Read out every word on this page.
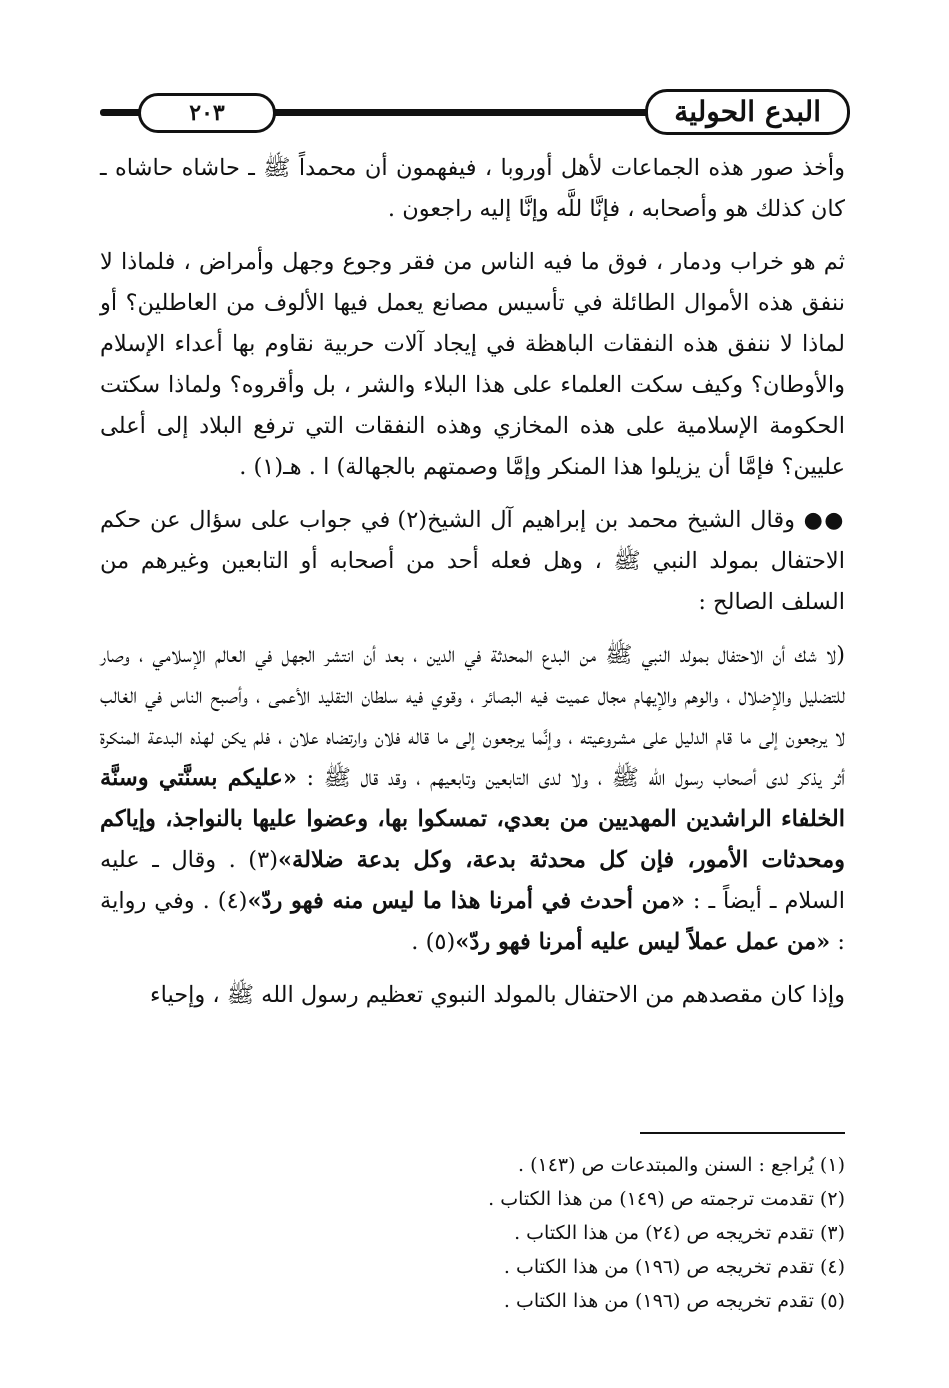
البدع الحولية
٢٠٣

وأخذ صور هذه الجماعات لأهل أوروبا ، فيفهمون أن محمداً ﷺ ـ حاشاه حاشاه ـ كان كذلك هو وأصحابه ، فإنَّا للَّه وإنَّا إليه راجعون .

ثم هو خراب ودمار ، فوق ما فيه الناس من فقر وجوع وجهل وأمراض ، فلماذا لا ننفق هذه الأموال الطائلة في تأسيس مصانع يعمل فيها الألوف من العاطلين؟ أو لماذا لا ننفق هذه النفقات الباهظة في إيجاد آلات حربية نقاوم بها أعداء الإسلام والأوطان؟ وكيف سكت العلماء على هذا البلاء والشر ، بل وأقروه؟ ولماذا سكتت الحكومة الإسلامية على هذه المخازي وهذه النفقات التي ترفع البلاد إلى أعلى عليين؟ فإمَّا أن يزيلوا هذا المنكر وإمَّا وصمتهم بالجهالة) ا . هـ(١) .

●● وقال الشيخ محمد بن إبراهيم آل الشيخ(٢) في جواب على سؤال عن حكم الاحتفال بمولد النبي ﷺ ، وهل فعله أحد من أصحابه أو التابعين وغيرهم من السلف الصالح :

(لا شك أن الاحتفال بمولد النبي ﷺ من البدع المحدثة في الدين ، بعد أن انتشر الجهل في العالم الإسلامي ، وصار للتضليل والإضلال ، والوهم والإيهام مجال عميت فيه البصائر ، وقوي فيه سلطان التقليد الأعمى ، وأصبح الناس في الغالب لا يرجعون إلى ما قام الدليل على مشروعيته ، وإنَّما يرجعون إلى ما قاله فلان وارتضاه علان ، فلم يكن لهذه البدعة المنكرة أثر يذكر لدى أصحاب رسول الله ﷺ ، ولا لدى التابعين وتابعيهم ، وقد قال ﷺ : «عليكم بسنَّتي وسنَّة الخلفاء الراشدين المهديين من بعدي، تمسكوا بها، وعضوا عليها بالنواجذ، وإياكم ومحدثات الأمور، فإن كل محدثة بدعة، وكل بدعة ضلالة»(٣) . وقال ـ عليه السلام ـ أيضاً ـ : «من أحدث في أمرنا هذا ما ليس منه فهو ردّ»(٤) . وفي رواية : «من عمل عملاً ليس عليه أمرنا فهو ردّ»(٥) .

وإذا كان مقصدهم من الاحتفال بالمولد النبوي تعظيم رسول الله ﷺ ، وإحياء

(١) يُراجع : السنن والمبتدعات ص (١٤٣) .
(٢) تقدمت ترجمته ص (١٤٩) من هذا الكتاب .
(٣) تقدم تخريجه ص (٢٤) من هذا الكتاب .
(٤) تقدم تخريجه ص (١٩٦) من هذا الكتاب .
(٥) تقدم تخريجه ص (١٩٦) من هذا الكتاب .
